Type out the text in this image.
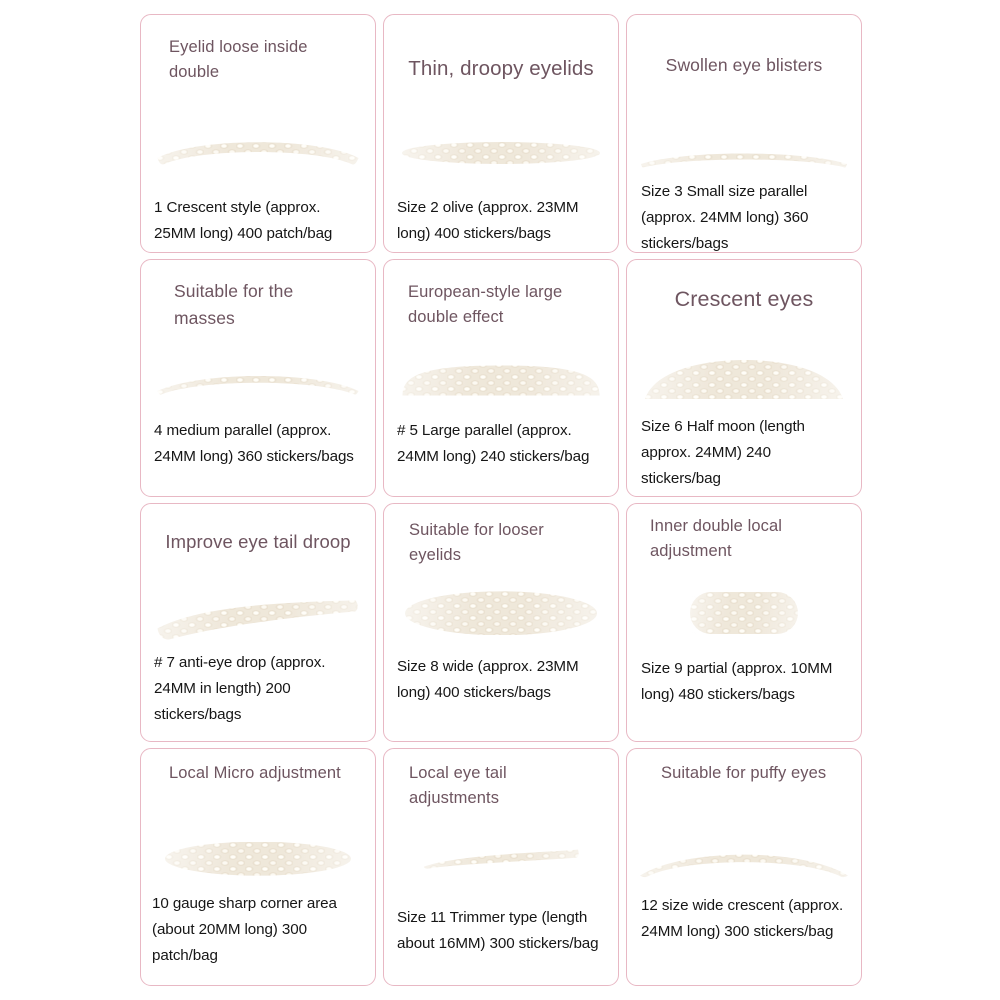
Eyelid loose inside double
1 Crescent style (approx. 25MM long) 400 patch/bag
Thin, droopy eyelids
Size 2 olive (approx. 23MM long) 400 stickers/bags
Swollen eye blisters
Size 3 Small size parallel (approx. 24MM long) 360 stickers/bags
Suitable for the masses
4 medium parallel (approx. 24MM long) 360 stickers/bags
European-style large double effect
# 5 Large parallel (approx. 24MM long) 240 stickers/bag
Crescent eyes
Size 6 Half moon (length approx. 24MM) 240 stickers/bag
Improve eye tail droop
# 7 anti-eye drop (approx. 24MM in length) 200 stickers/bags
Suitable for looser eyelids
Size 8 wide (approx. 23MM long) 400 stickers/bags
Inner double local adjustment
Size 9 partial (approx. 10MM long) 480 stickers/bags
Local Micro adjustment
10 gauge sharp corner area (about 20MM long) 300 patch/bag
Local eye tail adjustments
Size 11 Trimmer type (length about 16MM) 300 stickers/bag
Suitable for puffy eyes
12 size wide crescent (approx. 24MM long) 300 stickers/bag
